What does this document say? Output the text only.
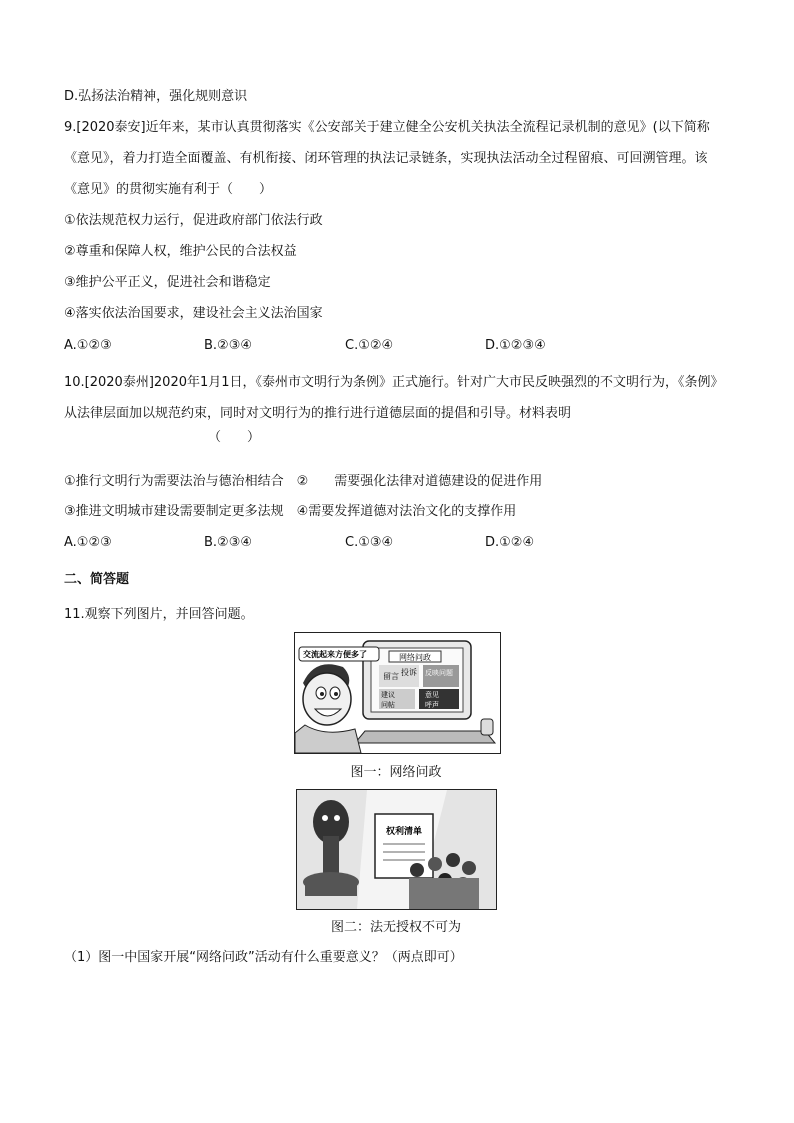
D.弘扬法治精神，强化规则意识
9.[2020泰安]近年来，某市认真贯彻落实《公安部关于建立健全公安机关执法全流程记录机制的意见》(以下简称《意见》，着力打造全面覆盖、有机衔接、闭环管理的执法记录链条，实现执法活动全过程留痕、可回溯管理。该《意见》的贯彻实施有利于（　　）
①依法规范权力运行，促进政府部门依法行政
②尊重和保障人权，维护公民的合法权益
③维护公平正义，促进社会和谐稳定
④落实依法治国要求，建设社会主义法治国家
A.①②③	B.②③④	C.①②④	D.①②③④
10.[2020泰州]2020年1月1日，《泰州市文明行为条例》正式施行。针对广大市民反映强烈的不文明行为，《条例》从法律层面加以规范约束，同时对文明行为的推行进行道德层面的提倡和引导。材料表明
（　　）
①推行文明行为需要法治与德治相结合　②　　需要强化法律对道德建设的促进作用
③推进文明城市建设需要制定更多法规　④需要发挥道德对法治文化的支撑作用
A.①②③	B.②③④	C.①③④	D.①②④
二、简答题
11.观察下列图片，并回答问题。
网络问政
留言 投诉 反映问题
建议
问帖
意见
呼声
交流起来方便多了
图一：网络问政
权利清单
图二：法无授权不可为
（1）图一中国家开展“网络问政”活动有什么重要意义？（两点即可）
